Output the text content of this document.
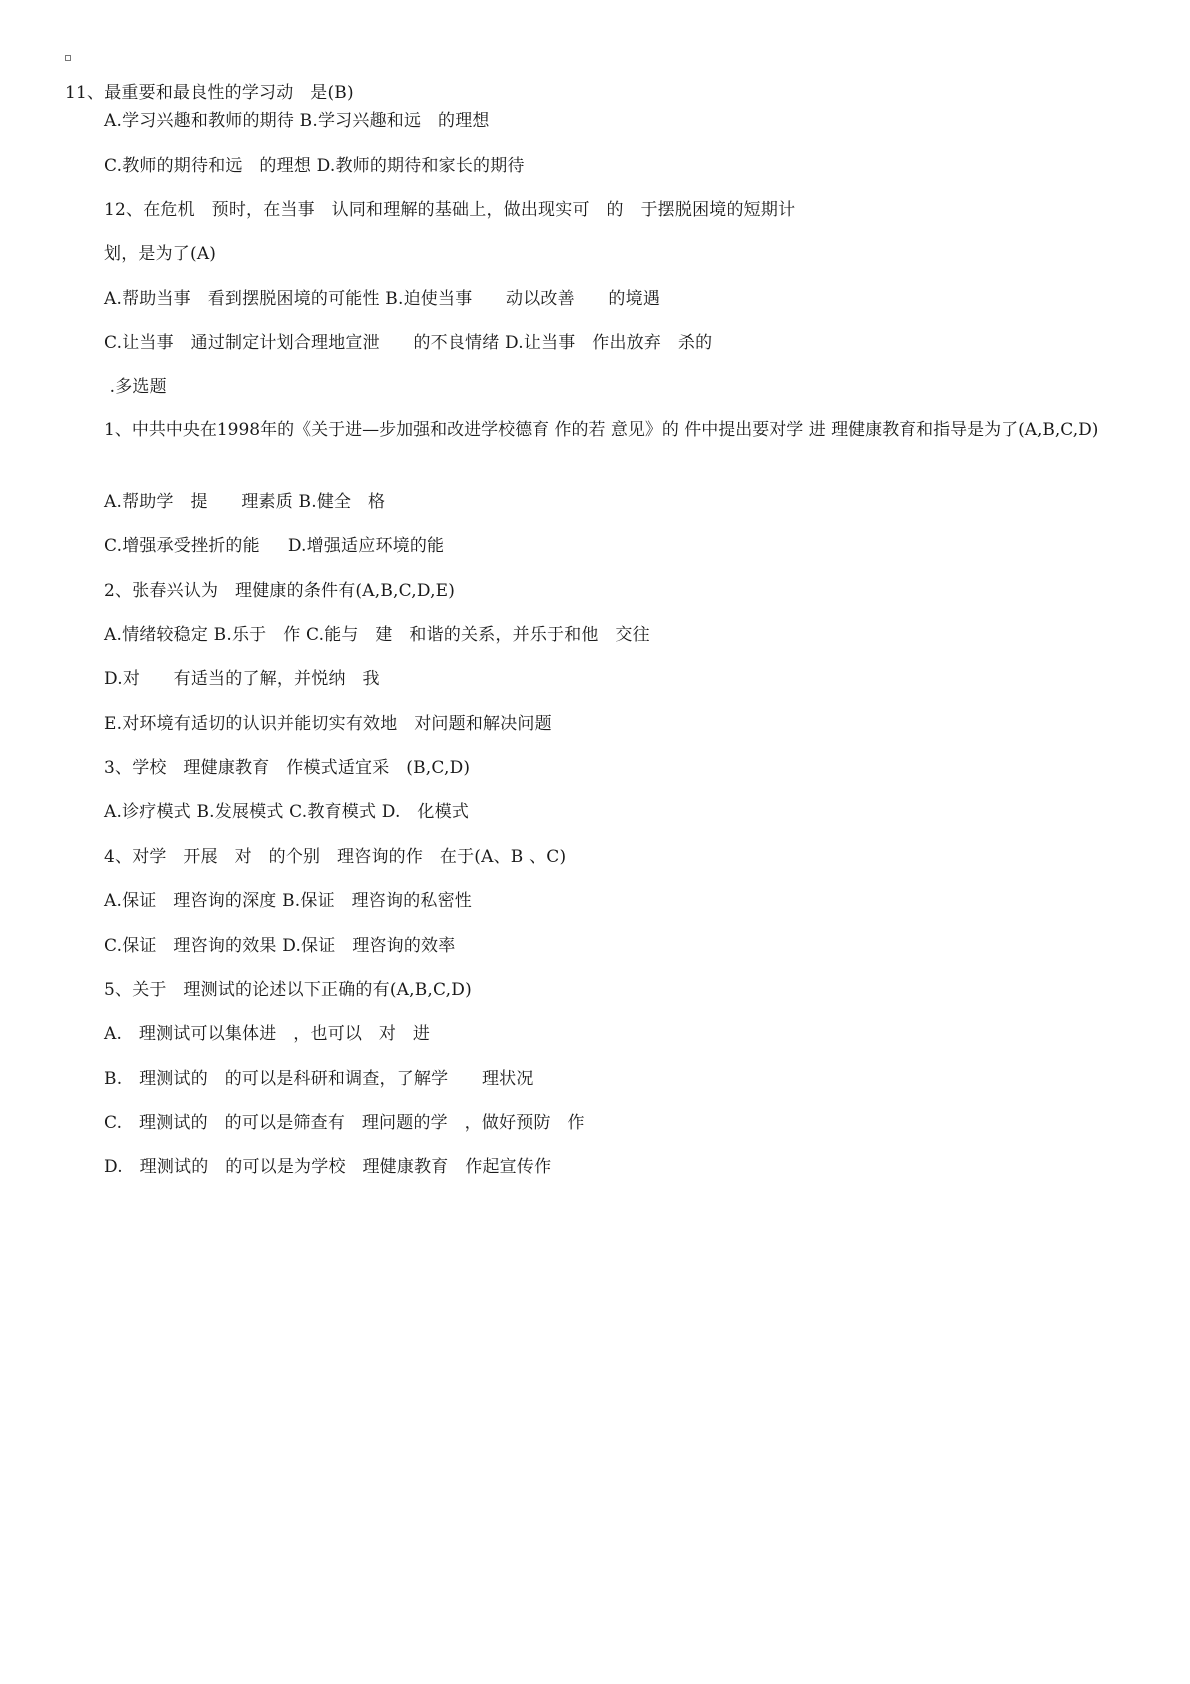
11、最重要和最良性的学习动   是(B)
A.学习兴趣和教师的期待 B.学习兴趣和远   的理想
C.教师的期待和远   的理想 D.教师的期待和家长的期待
12、在危机   预时，在当事   认同和理解的基础上，做出现实可   的   于摆脱困境的短期计
划，是为了(A)
A.帮助当事   看到摆脱困境的可能性 B.迫使当事      动以改善      的境遇
C.让当事   通过制定计划合理地宣泄      的不良情绪 D.让当事   作出放弃   杀的
.多选题
1、中共中央在1998年的《关于进—步加强和改进学校德育 作的若 意见》的 件中提出要对学 进 理健康教育和指导是为了(A,B,C,D)
A.帮助学   提      理素质 B.健全   格
C.增强承受挫折的能     D.增强适应环境的能
2、张春兴认为   理健康的条件有(A,B,C,D,E)
A.情绪较稳定 B.乐于   作 C.能与   建   和谐的关系，并乐于和他   交往
D.对      有适当的了解，并悦纳   我
E.对环境有适切的认识并能切实有效地   对问题和解决问题
3、学校   理健康教育   作模式适宜采   (B,C,D)
A.诊疗模式 B.发展模式 C.教育模式 D.   化模式
4、对学   开展   对   的个别   理咨询的作   在于(A、B 、C)
A.保证   理咨询的深度 B.保证   理咨询的私密性
C.保证   理咨询的效果 D.保证   理咨询的效率
5、关于   理测试的论述以下正确的有(A,B,C,D)
A.   理测试可以集体进   ，也可以   对   进
B.   理测试的   的可以是科研和调查，了解学      理状况
C.   理测试的   的可以是筛查有   理问题的学   ，做好预防   作
D.   理测试的   的可以是为学校   理健康教育   作起宣传作
